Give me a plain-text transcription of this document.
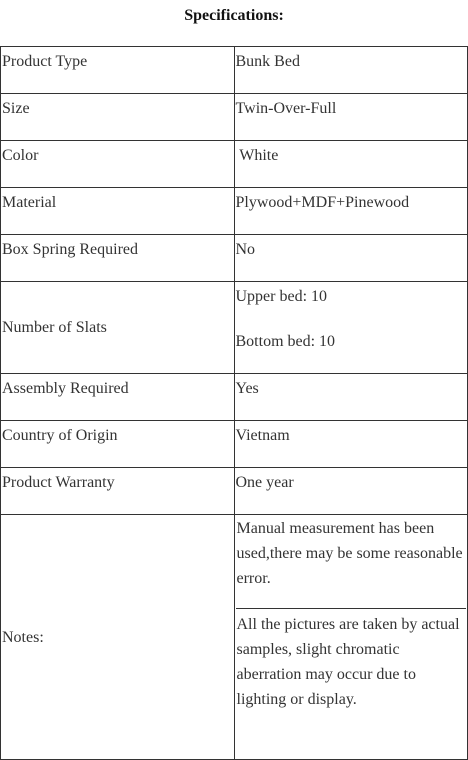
Specifications:	
Product Type	Bunk Bed
Size	Twin-Over-Full
Color	White
Material	Plywood+MDF+Pinewood
Box Spring Required	No
Number of Slats	Upper bed: 10
Bottom bed: 10

Assembly Required	Yes
Country of Origin	Vietnam
Product Warranty	One year
Notes:	Manual measurement has been used,there may be some reasonable error.
All the pictures are taken by actual samples, slight chromatic aberration may occur due to lighting or display.
